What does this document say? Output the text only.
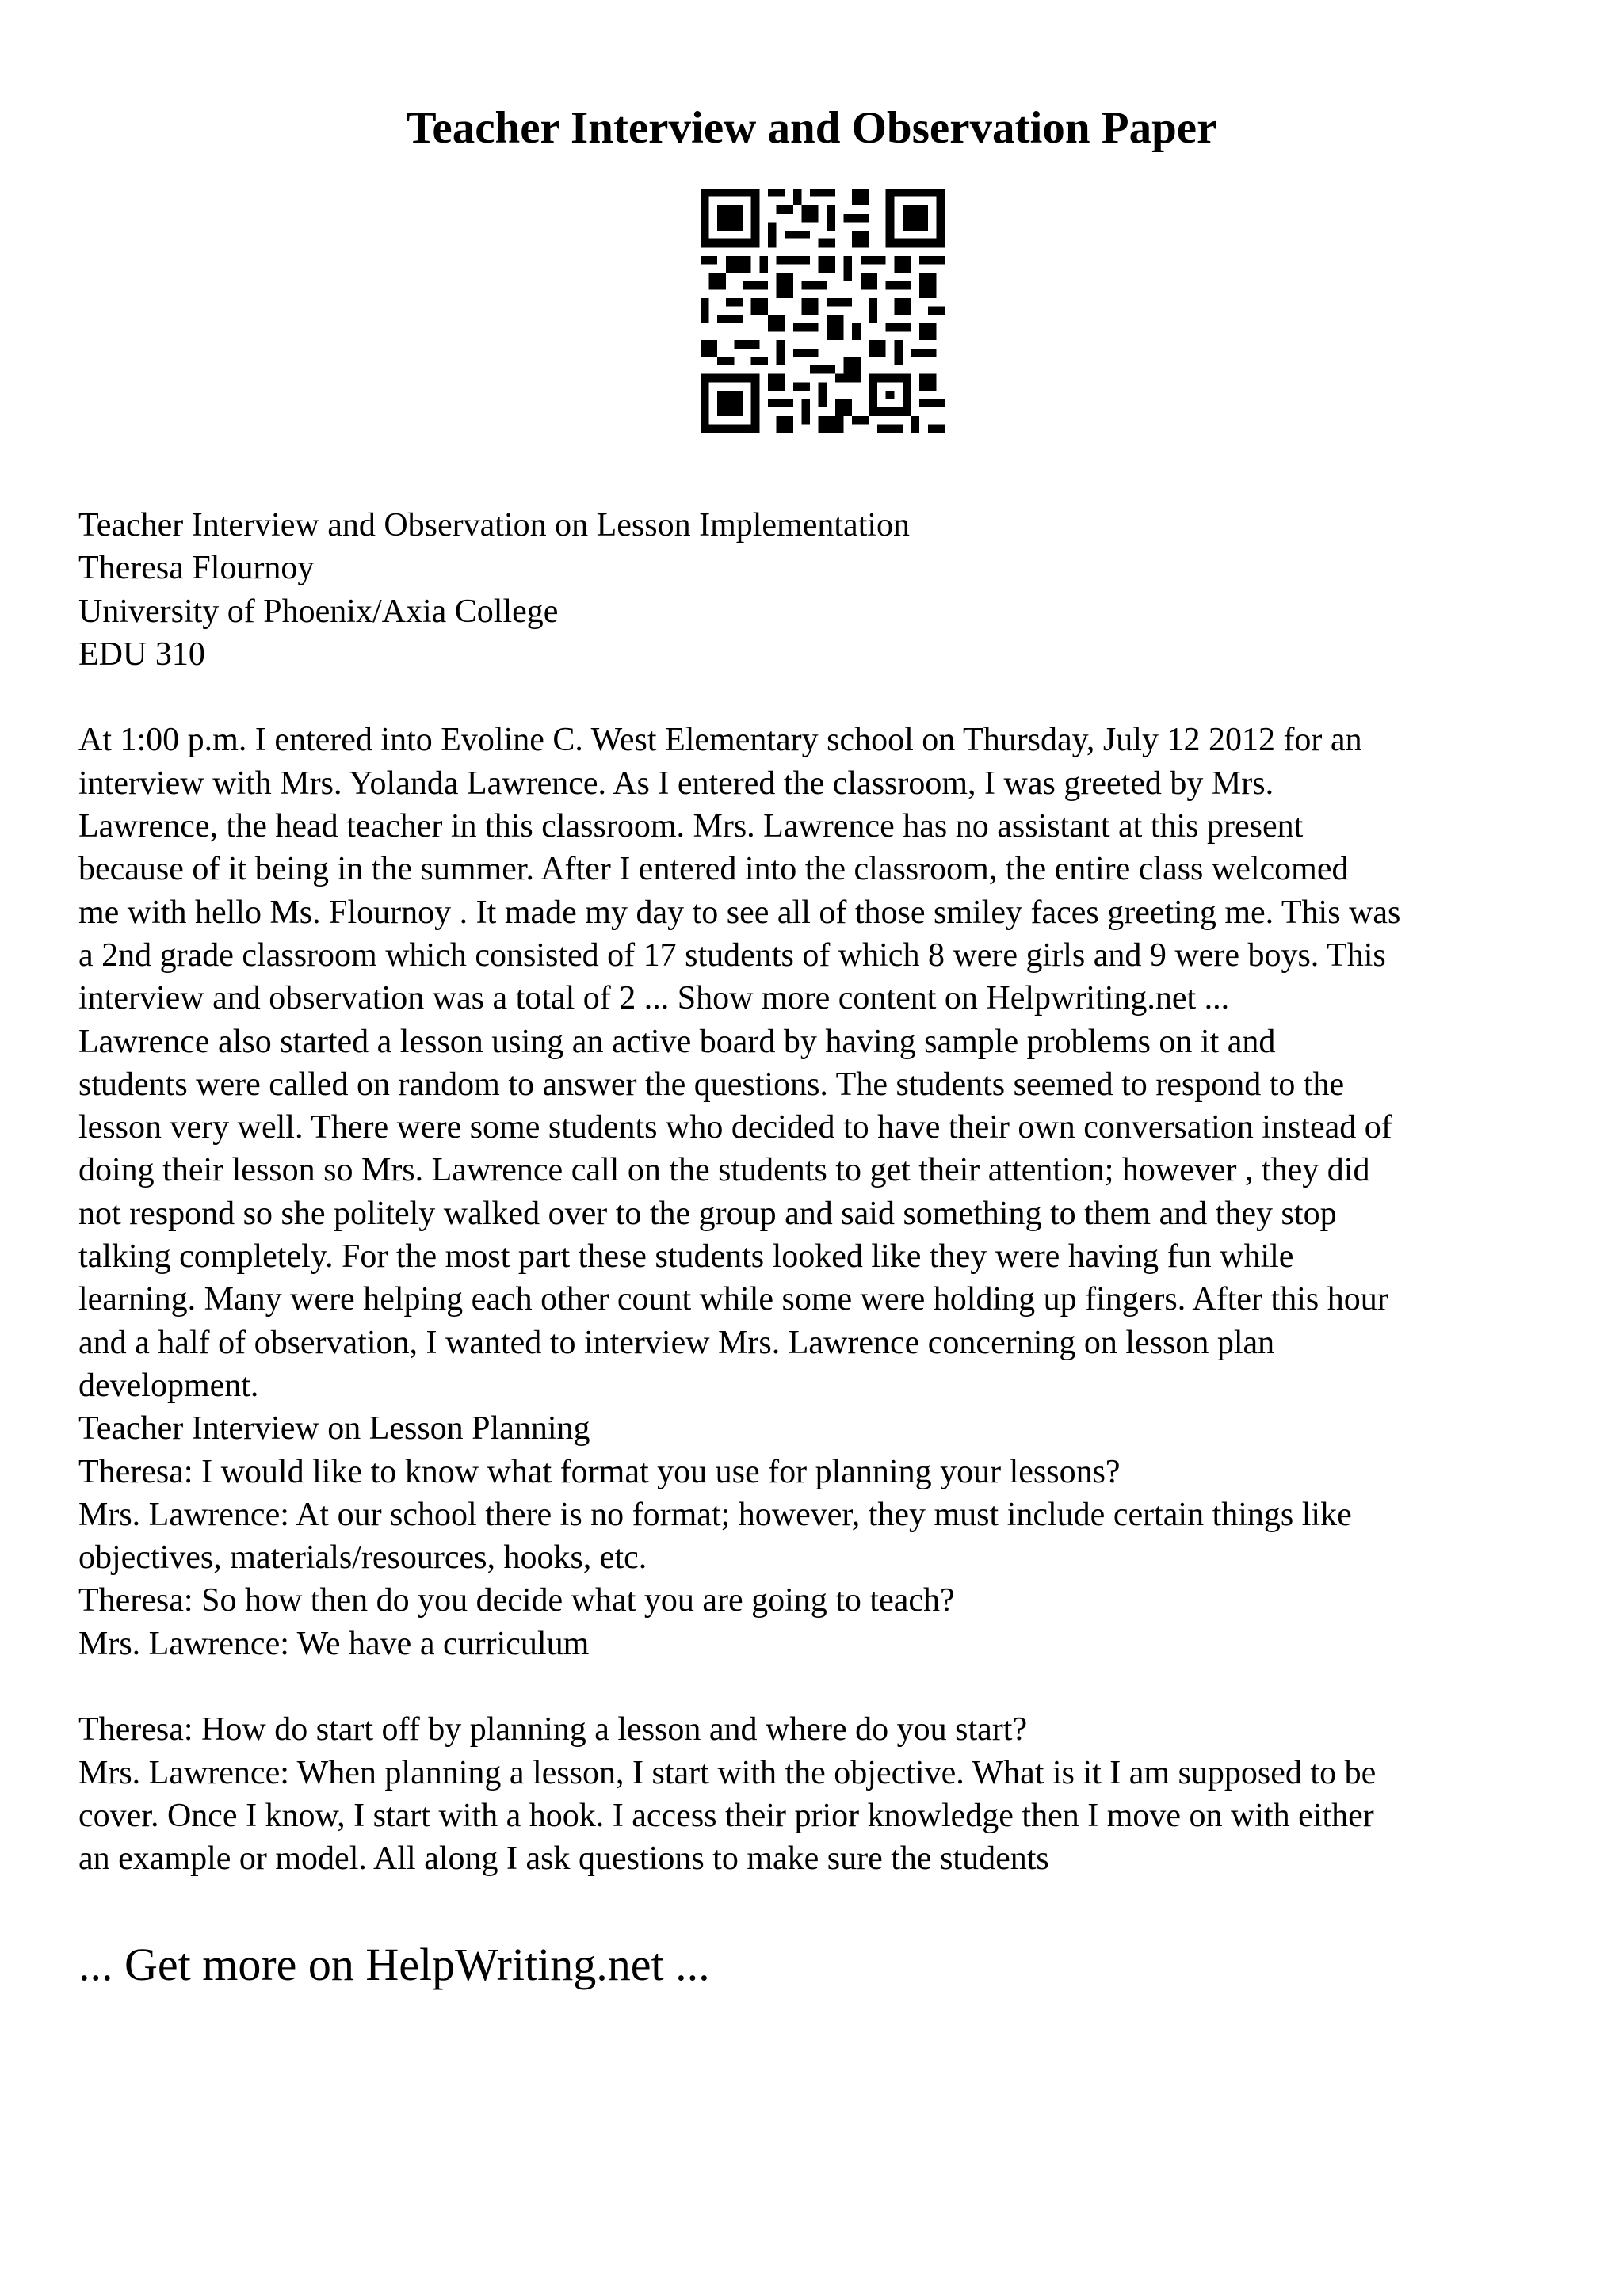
Teacher Interview and Observation Paper
Teacher Interview and Observation on Lesson Implementation
Theresa Flournoy
University of Phoenix/Axia College
EDU 310
At 1:00 p.m. I entered into Evoline C. West Elementary school on Thursday, July 12 2012 for an
interview with Mrs. Yolanda Lawrence. As I entered the classroom, I was greeted by Mrs.
Lawrence, the head teacher in this classroom. Mrs. Lawrence has no assistant at this present
because of it being in the summer. After I entered into the classroom, the entire class welcomed
me with hello Ms. Flournoy . It made my day to see all of those smiley faces greeting me. This was
a 2nd grade classroom which consisted of 17 students of which 8 were girls and 9 were boys. This
interview and observation was a total of 2 ... Show more content on Helpwriting.net ...
Lawrence also started a lesson using an active board by having sample problems on it and
students were called on random to answer the questions. The students seemed to respond to the
lesson very well. There were some students who decided to have their own conversation instead of
doing their lesson so Mrs. Lawrence call on the students to get their attention; however , they did
not respond so she politely walked over to the group and said something to them and they stop
talking completely. For the most part these students looked like they were having fun while
learning. Many were helping each other count while some were holding up fingers. After this hour
and a half of observation, I wanted to interview Mrs. Lawrence concerning on lesson plan
development.
Teacher Interview on Lesson Planning
Theresa: I would like to know what format you use for planning your lessons?
Mrs. Lawrence: At our school there is no format; however, they must include certain things like
objectives, materials/resources, hooks, etc.
Theresa: So how then do you decide what you are going to teach?
Mrs. Lawrence: We have a curriculum
Theresa: How do start off by planning a lesson and where do you start?
Mrs. Lawrence: When planning a lesson, I start with the objective. What is it I am supposed to be
cover. Once I know, I start with a hook. I access their prior knowledge then I move on with either
an example or model. All along I ask questions to make sure the students
... Get more on HelpWriting.net ...
